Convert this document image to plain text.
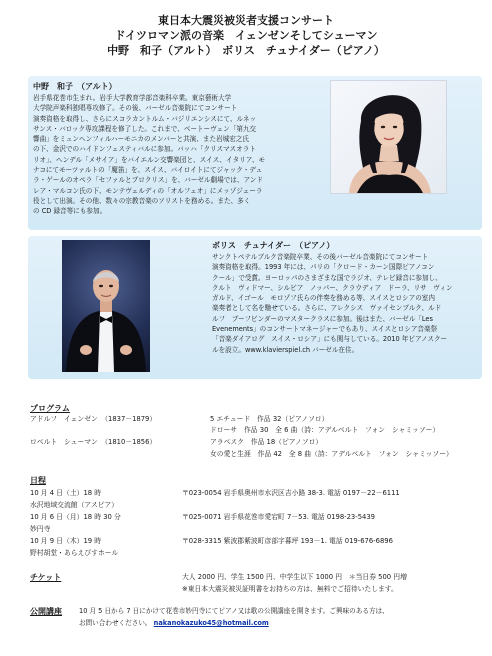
東日本大震災被災者支援コンサート
ドイツロマン派の音楽　イェンゼンそしてシューマン
中野　和子（アルト）　ボリス　チュナイダー（ピアノ）
中野　和子　（アルト）
岩手県花巻市生まれ。岩手大学教育学部音楽科卒業。東京藝術大学
大学院声楽科独唱専攻修了。その後、バーゼル音楽院にてコンサート
演奏資格を取得し、さらにスコラカントルム・バジリエンシスにて、ルネッ
サンス・バロック専攻課程を修了した。これまで、ベートーヴェン「第九交
響曲」をミュンヘンフィルハーモニカのメンバーと共演、また岩城宏之氏
の下、金沢でのハイドンフェスティバルに参加。バッハ「クリスマスオラト
リオ」、ヘンデル「メサイア」をバイエルン交響楽団と、スイス、イタリア、モ
ナコにてモーツァルトの「魔笛」を、スイス、バイロイトにてジャック・デュ
ラ・ゲールのオペラ「セファルとプロクリス」を、バーゼル劇場では、アンド
レア・マルコン氏の下、モンテヴェルディの「オルフェオ」にメッゾジェーラ
役として出演。その他、数々の宗教音楽のソリストを務める。また、多く
の CD 録音等にも参加。
ボリス　チュナイダー　（ピアノ）
サンクトペテルブルク音楽院卒業、その後バーゼル音楽院にてコンサート
演奏資格を取得。1993 年には、パリの「クロード・カーン国際ピアノコン
クール」で受賞。ヨーロッパのさまざまな国でラジオ、テレビ録音に参加し、
クルト　ヴィドマー、シルビア　ノッパー、クラウディア　ドーラ、リサ　ヴィン
ガルド、イゴール　モロゾフ氏らの伴奏を務める等、スイスとロシアの室内
楽奏者として名を馳せている。さらに、アレクシス　ヴァイセンブルク、ルド
ルフ　ブーフビンダーのマスタークラスに参加。後はまた、バーゼル「Les
Evenements」のコンサートマネージャーでもあり、スイスとロシア音楽祭
「音楽ダイアログ　スイス・ロシア」にも関与している。2010 年ピアノスクー
ルを設立。www.klavierspiel.ch バーゼル在住。
プログラム
アドルフ　イェンゼン　（1837－1879）	5 エチュード　作品 32（ピアノソロ）
ドローサ　作品 30　全 6 曲（詩：アデルベルト　フォン　シャミッソー）
ロベルト　シューマン　（1810－1856）	アラベスク　作品 18（ピアノソロ）
女の愛と生涯　作品 42　全 8 曲（詩：アデルベルト　フォン　シャミッソー）
日程
10 月 4 日（土）18 時	〒023-0054 岩手県奥州市水沢区吉小路 38-3. 電話 0197－22－6111
水沢地域交流館（アスピア）
10 月 6 日（月）18 時 30 分	〒025-0071 岩手県花巻市愛宕町 7－53. 電話 0198-23-5439
妙円寺
10 月 9 日（木）19 時	〒028-3315 紫波郡紫波町彦部字暮坪 193－1. 電話 019-676-6896
野村胡堂・あらえびすホール
チケット	大人 2000 円、学生 1500 円、中学生以下 1000 円　＊当日券 500 円増
※東日本大震災被災証明書をお持ちの方は、無料でご招待いたします。
公開講座	10 月 5 日から 7 日にかけて花巻市妙円寺にてピアノ又は歌の公開講座を開きます。ご興味のある方は、
お問い合わせください。 nakanokazuko45@hotmail.com
